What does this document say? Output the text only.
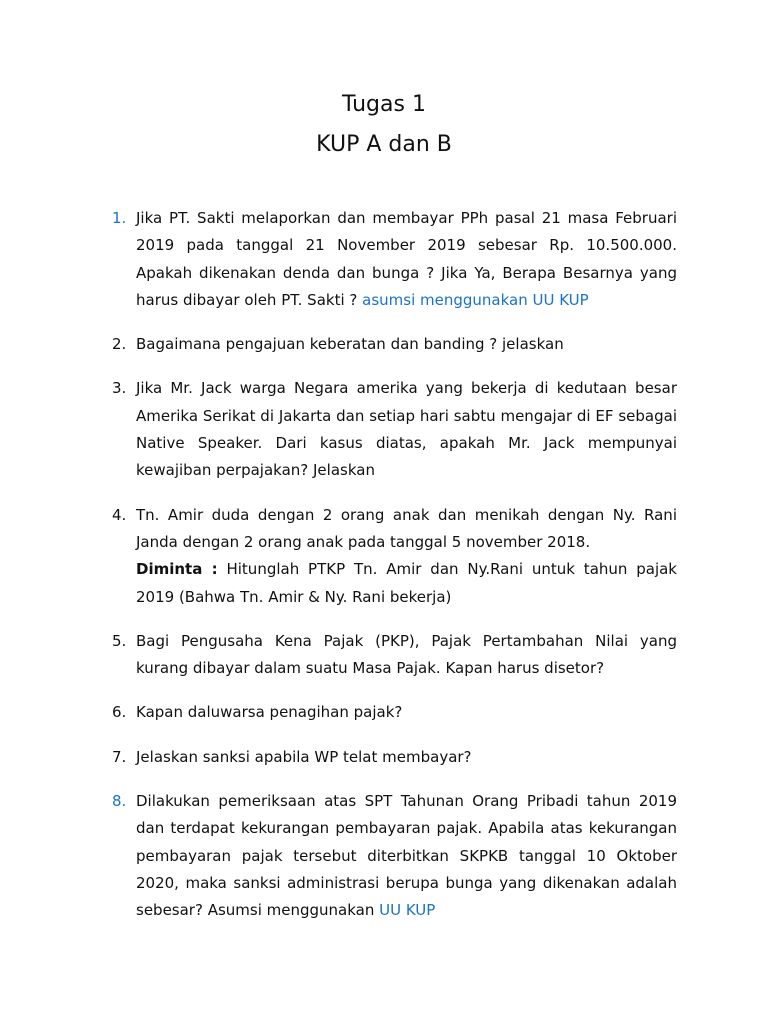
Tugas 1
KUP A dan B
1. Jika PT. Sakti melaporkan dan membayar PPh pasal 21 masa Februari 2019 pada tanggal 21 November 2019 sebesar Rp. 10.500.000. Apakah dikenakan denda dan bunga ? Jika Ya, Berapa Besarnya yang harus dibayar oleh PT. Sakti ? asumsi menggunakan UU KUP
2. Bagaimana pengajuan keberatan dan banding ? jelaskan
3. Jika Mr. Jack warga Negara amerika yang bekerja di kedutaan besar Amerika Serikat di Jakarta dan setiap hari sabtu mengajar di EF sebagai Native Speaker. Dari kasus diatas, apakah Mr. Jack mempunyai kewajiban perpajakan? Jelaskan
4. Tn. Amir duda dengan 2 orang anak dan menikah dengan Ny. Rani Janda dengan 2 orang anak pada tanggal 5 november 2018.
Diminta : Hitunglah PTKP Tn. Amir dan Ny.Rani untuk tahun pajak 2019 (Bahwa Tn. Amir & Ny. Rani bekerja)
5. Bagi Pengusaha Kena Pajak (PKP), Pajak Pertambahan Nilai yang kurang dibayar dalam suatu Masa Pajak. Kapan harus disetor?
6. Kapan daluwarsa penagihan pajak?
7. Jelaskan sanksi apabila WP telat membayar?
8. Dilakukan pemeriksaan atas SPT Tahunan Orang Pribadi tahun 2019 dan terdapat kekurangan pembayaran pajak. Apabila atas kekurangan pembayaran pajak tersebut diterbitkan SKPKB tanggal 10 Oktober 2020, maka sanksi administrasi berupa bunga yang dikenakan adalah sebesar? Asumsi menggunakan UU KUP
